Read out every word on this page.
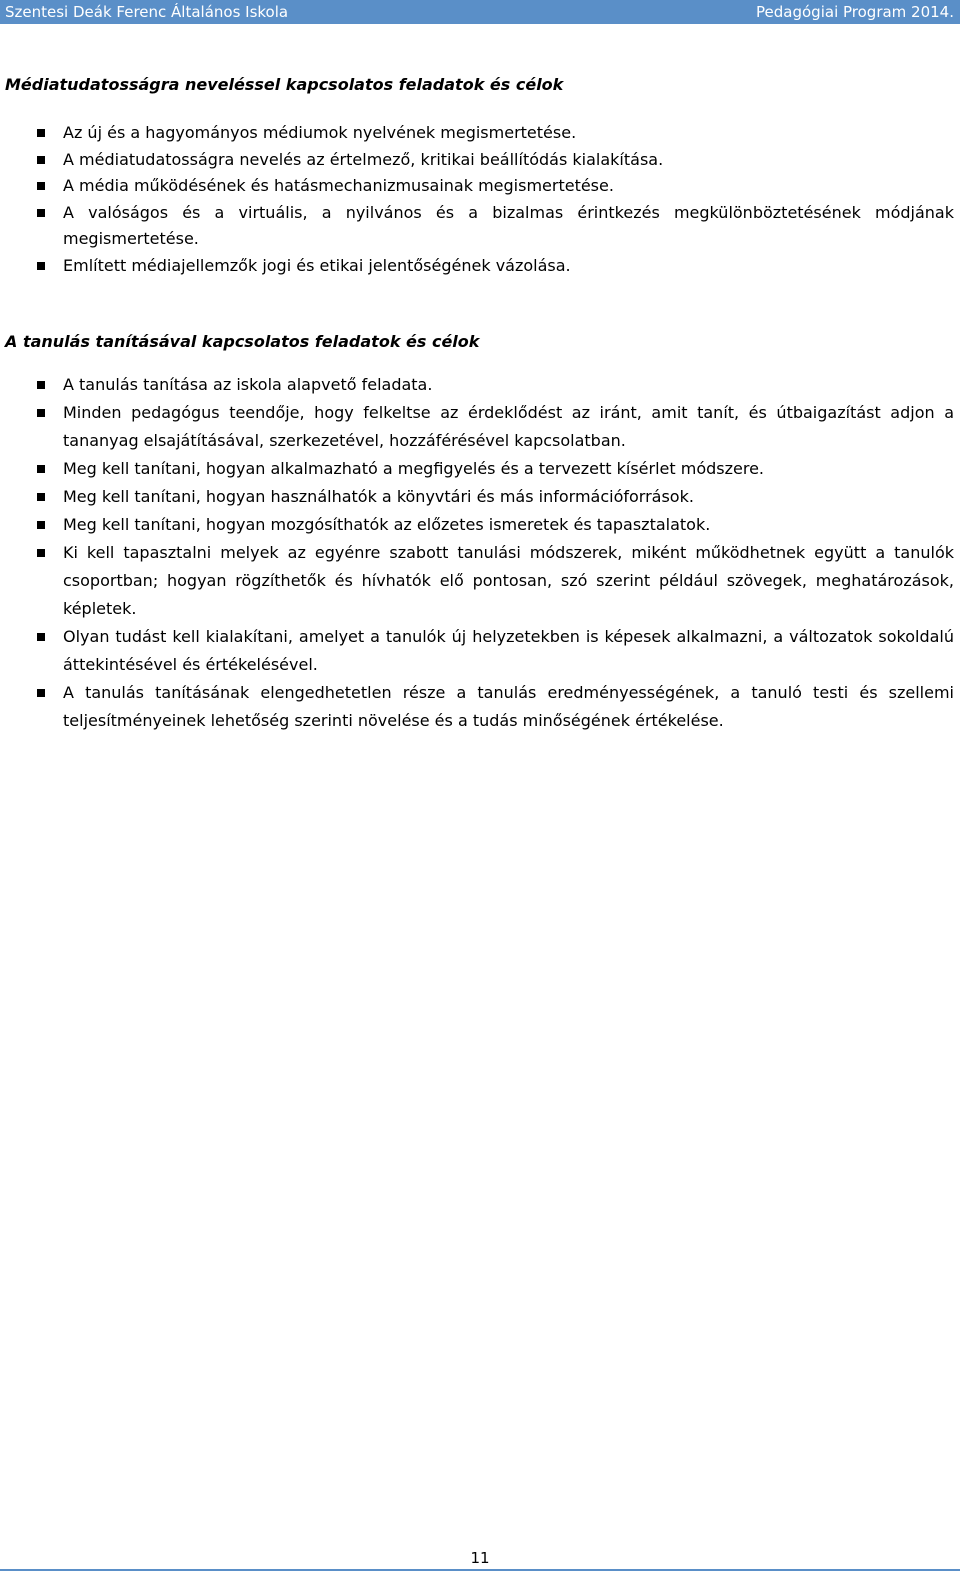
Szentesi Deák Ferenc Általános Iskola	Pedagógiai Program 2014.
Médiatudatosságra neveléssel kapcsolatos feladatok és célok
Az új és a hagyományos médiumok nyelvének megismertetése.
A médiatudatosságra nevelés az értelmező, kritikai beállítódás kialakítása.
A média működésének és hatásmechanizmusainak megismertetése.
A valóságos és a virtuális, a nyilvános és a bizalmas érintkezés megkülönböztetésének módjának megismertetése.
Említett médiajellemzők jogi és etikai jelentőségének vázolása.
A tanulás tanításával kapcsolatos feladatok és célok
A tanulás tanítása az iskola alapvető feladata.
Minden pedagógus teendője, hogy felkeltse az érdeklődést az iránt, amit tanít, és útbaigazítást adjon a tananyag elsajátításával, szerkezetével, hozzáférésével kapcsolatban.
Meg kell tanítani, hogyan alkalmazható a megfigyelés és a tervezett kísérlet módszere.
Meg kell tanítani, hogyan használhatók a könyvtári és más információforrások.
Meg kell tanítani, hogyan mozgósíthatók az előzetes ismeretek és tapasztalatok.
Ki kell tapasztalni melyek az egyénre szabott tanulási módszerek, miként működhetnek együtt a tanulók csoportban; hogyan rögzíthetők és hívhatók elő pontosan, szó szerint például szövegek, meghatározások, képletek.
Olyan tudást kell kialakítani, amelyet a tanulók új helyzetekben is képesek alkalmazni, a változatok sokoldalú áttekintésével és értékelésével.
A tanulás tanításának elengedhetetlen része a tanulás eredményességének, a tanuló testi és szellemi teljesítményeinek lehetőség szerinti növelése és a tudás minőségének értékelése.
11
